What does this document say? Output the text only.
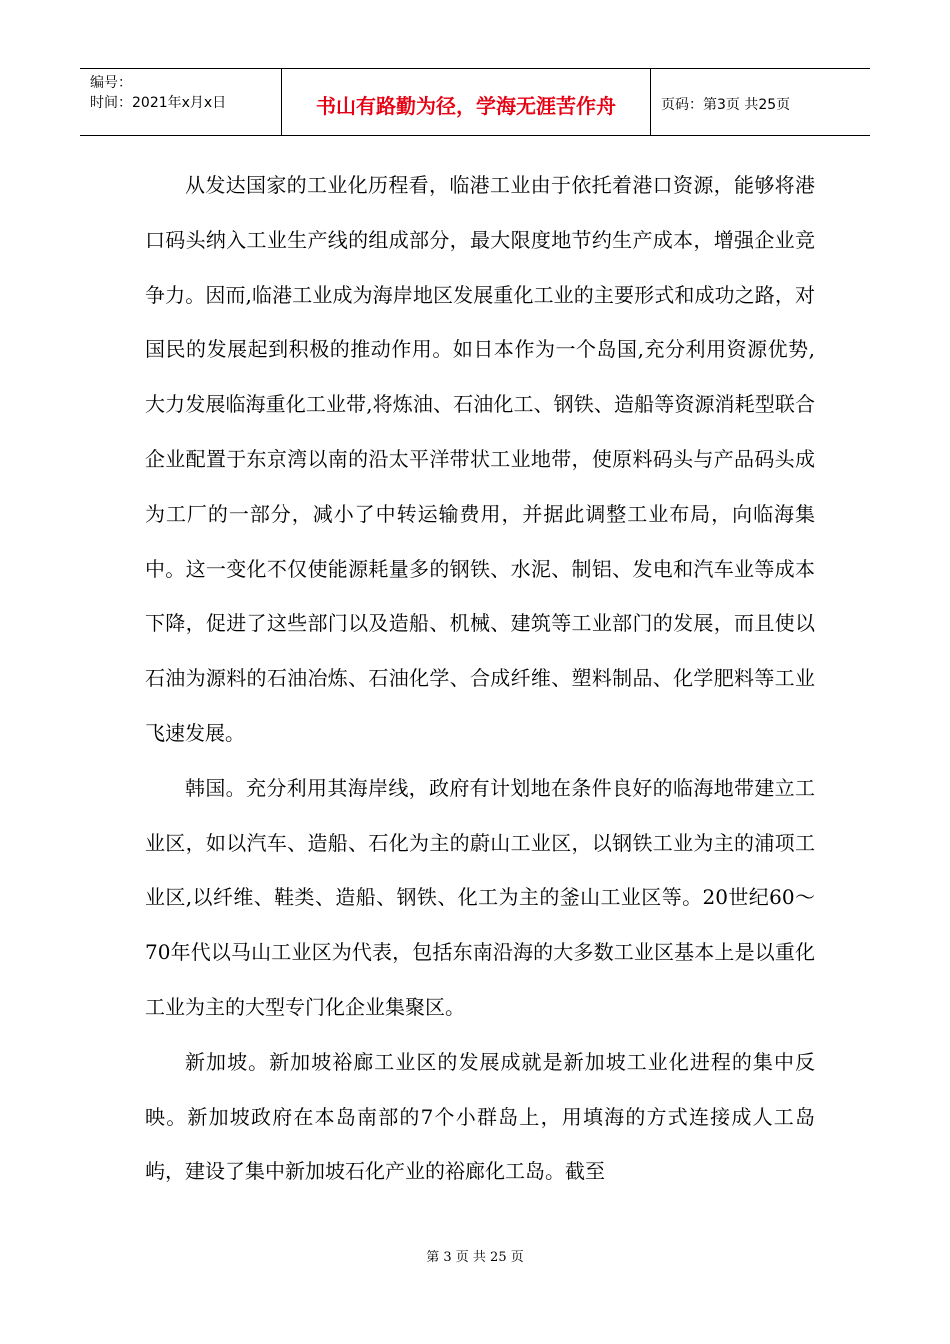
编号：
时间：2021年x月x日	书山有路勤为径，学海无涯苦作舟	页码：第3页 共25页

从发达国家的工业化历程看，临港工业由于依托着港口资源，能够将港口码头纳入工业生产线的组成部分，最大限度地节约生产成本，增强企业竞争力。因而,临港工业成为海岸地区发展重化工业的主要形式和成功之路，对国民的发展起到积极的推动作用。如日本作为一个岛国,充分利用资源优势,大力发展临海重化工业带,将炼油、石油化工、钢铁、造船等资源消耗型联合企业配置于东京湾以南的沿太平洋带状工业地带，使原料码头与产品码头成为工厂的一部分，减小了中转运输费用，并据此调整工业布局，向临海集中。这一变化不仅使能源耗量多的钢铁、水泥、制铝、发电和汽车业等成本下降，促进了这些部门以及造船、机械、建筑等工业部门的发展，而且使以石油为源料的石油冶炼、石油化学、合成纤维、塑料制品、化学肥料等工业飞速发展。

韩国。充分利用其海岸线，政府有计划地在条件良好的临海地带建立工业区，如以汽车、造船、石化为主的蔚山工业区，以钢铁工业为主的浦项工业区,以纤维、鞋类、造船、钢铁、化工为主的釜山工业区等。20世纪60～70年代以马山工业区为代表，包括东南沿海的大多数工业区基本上是以重化工业为主的大型专门化企业集聚区。

新加坡。新加坡裕廊工业区的发展成就是新加坡工业化进程的集中反映。新加坡政府在本岛南部的7个小群岛上，用填海的方式连接成人工岛屿，建设了集中新加坡石化产业的裕廊化工岛。截至

第 3 页 共 25 页
